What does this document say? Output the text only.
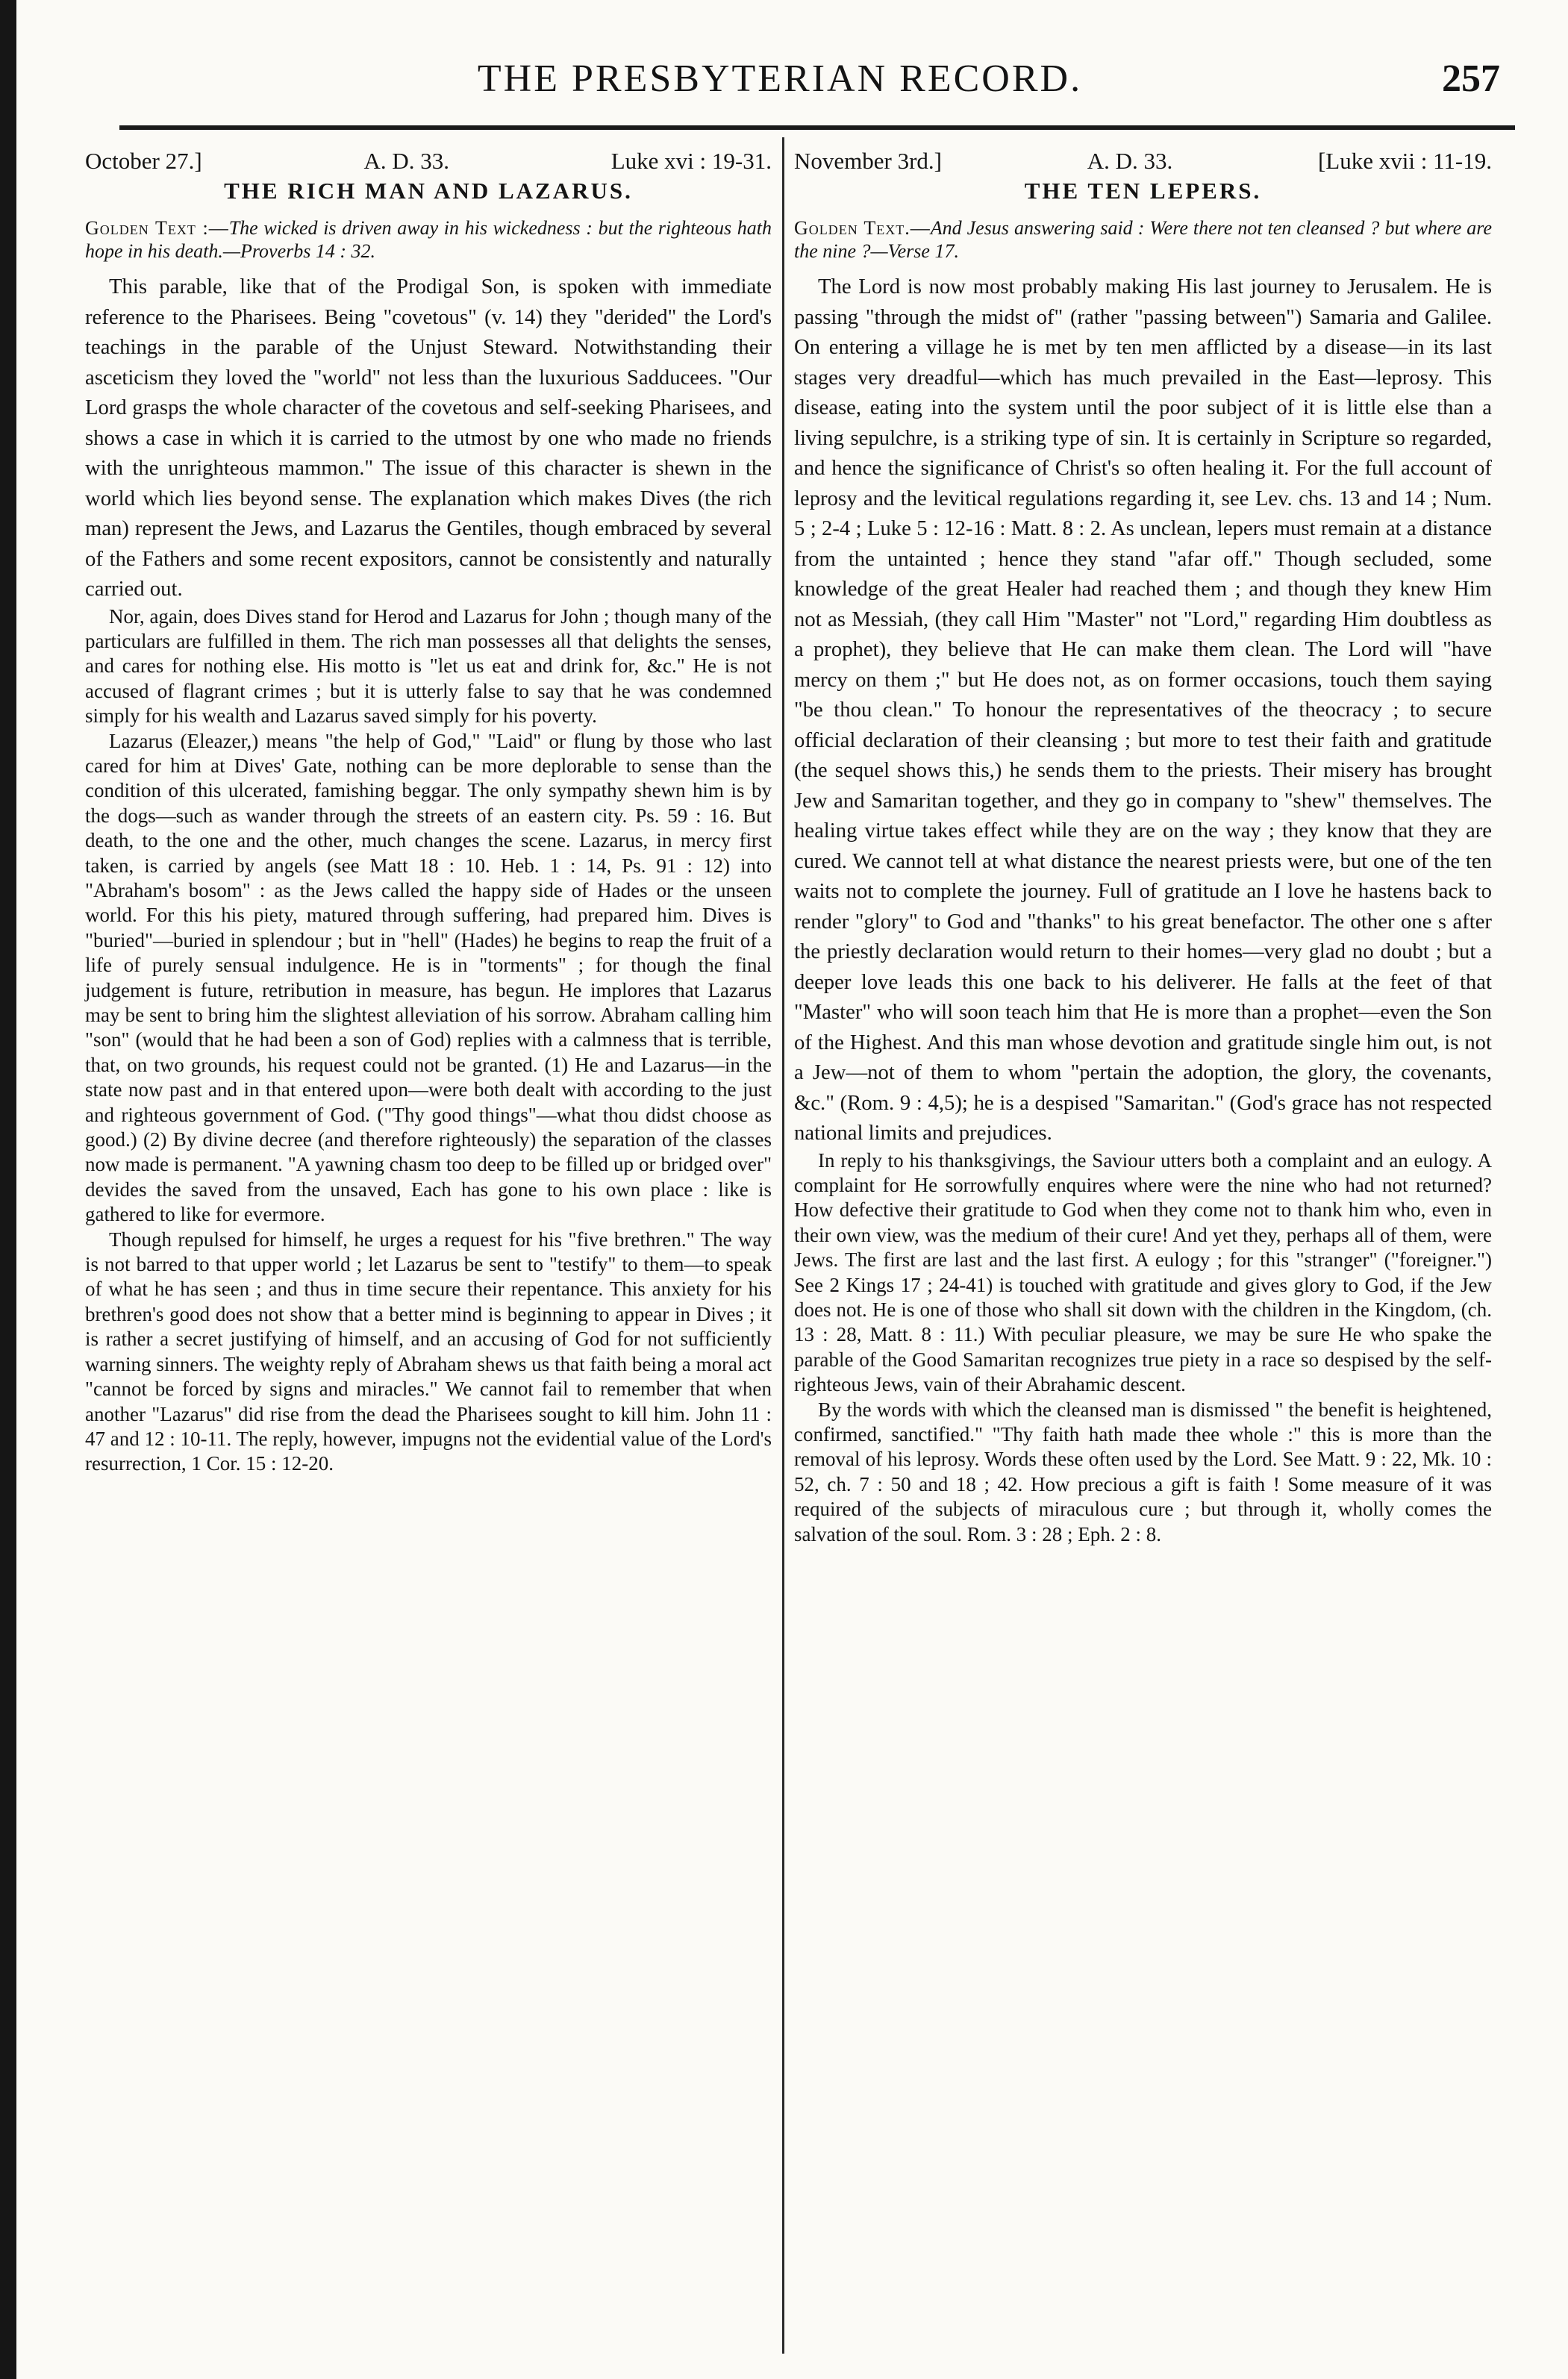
THE PRESBYTERIAN RECORD.	257
October 27.]	A. D. 33.	Luke xvi : 19-31.
THE RICH MAN AND LAZARUS.
Golden Text :—The wicked is driven away in his wickedness : but the righteous hath hope in his death.—Proverbs 14 : 32.

This parable, like that of the Prodigal Son, is spoken with immediate reference to the Pharisees. Being "covetous" (v. 14) they "derided" the Lord's teachings in the parable of the Unjust Steward. Notwithstanding their asceticism they loved the "world" not less than the luxurious Sadducees. "Our Lord grasps the whole character of the covetous and self-seeking Pharisees, and shows a case in which it is carried to the utmost by one who made no friends with the unrighteous mammon." The issue of this character is shewn in the world which lies beyond sense. The explanation which makes Dives (the rich man) represent the Jews, and Lazarus the Gentiles, though embraced by several of the Fathers and some recent expositors, cannot be consistently and naturally carried out.

Nor, again, does Dives stand for Herod and Lazarus for John ; though many of the particulars are fulfilled in them. The rich man possesses all that delights the senses, and cares for nothing else. His motto is "let us eat and drink for, &c." He is not accused of flagrant crimes ; but it is utterly false to say that he was condemned simply for his wealth and Lazarus saved simply for his poverty.

Lazarus (Eleazer,) means "the help of God," "Laid" or flung by those who last cared for him at Dives' Gate, nothing can be more deplorable to sense than the condition of this ulcerated, famishing beggar. The only sympathy shewn him is by the dogs—such as wander through the streets of an eastern city. Ps. 59 : 16. But death, to the one and the other, much changes the scene. Lazarus, in mercy first taken, is carried by angels (see Matt 18 : 10. Heb. 1 : 14, Ps. 91 : 12) into "Abraham's bosom" : as the Jews called the happy side of Hades or the unseen world. For this his piety, matured through suffering, had prepared him. Dives is "buried"—buried in splendour ; but in "hell" (Hades) he begins to reap the fruit of a life of purely sensual indulgence. He is in "torments" ; for though the final judgement is future, retribution in measure, has begun. He implores that Lazarus may be sent to bring him the slightest alleviation of his sorrow. Abraham calling him "son" (would that he had been a son of God) replies with a calmness that is terrible, that, on two grounds, his request could not be granted. (1) He and Lazarus—in the state now past and in that entered upon—were both dealt with according to the just and righteous government of God. ("Thy good things"—what thou didst choose as good.) (2) By divine decree (and therefore righteously) the separation of the classes now made is permanent. "A yawning chasm too deep to be filled up or bridged over" devides the saved from the unsaved, Each has gone to his own place : like is gathered to like for evermore.

Though repulsed for himself, he urges a request for his "five brethren." The way is not barred to that upper world ; let Lazarus be sent to "testify" to them—to speak of what he has seen ; and thus in time secure their repentance. This anxiety for his brethren's good does not show that a better mind is beginning to appear in Dives ; it is rather a secret justifying of himself, and an accusing of God for not sufficiently warning sinners. The weighty reply of Abraham shews us that faith being a moral act "cannot be forced by signs and miracles." We cannot fail to remember that when another "Lazarus" did rise from the dead the Pharisees sought to kill him. John 11 : 47 and 12 : 10-11. The reply, however, impugns not the evidential value of the Lord's resurrection, 1 Cor. 15 : 12-20.

November 3rd.]	A. D. 33.	[Luke xvii : 11-19.
THE TEN LEPERS.
Golden Text.—And Jesus answering said : Were there not ten cleansed ? but where are the nine ?—Verse 17.

The Lord is now most probably making His last journey to Jerusalem. He is passing "through the midst of" (rather "passing between") Samaria and Galilee. On entering a village he is met by ten men afflicted by a disease—in its last stages very dreadful—which has much prevailed in the East—leprosy. This disease, eating into the system until the poor subject of it is little else than a living sepulchre, is a striking type of sin. It is certainly in Scripture so regarded, and hence the significance of Christ's so often healing it. For the full account of leprosy and the levitical regulations regarding it, see Lev. chs. 13 and 14 ; Num. 5 ; 2-4 ; Luke 5 : 12-16 : Matt. 8 : 2. As unclean, lepers must remain at a distance from the untainted ; hence they stand "afar off." Though secluded, some knowledge of the great Healer had reached them ; and though they knew Him not as Messiah, (they call Him "Master" not "Lord," regarding Him doubtless as a prophet), they believe that He can make them clean. The Lord will "have mercy on them ;" but He does not, as on former occasions, touch them saying "be thou clean." To honour the representatives of the theocracy ; to secure official declaration of their cleansing ; but more to test their faith and gratitude (the sequel shows this,) he sends them to the priests. Their misery has brought Jew and Samaritan together, and they go in company to "shew" themselves. The healing virtue takes effect while they are on the way ; they know that they are cured. We cannot tell at what distance the nearest priests were, but one of the ten waits not to complete the journey. Full of gratitude an I love he hastens back to render "glory" to God and "thanks" to his great benefactor. The other one s after the priestly declaration would return to their homes—very glad no doubt ; but a deeper love leads this one back to his deliverer. He falls at the feet of that "Master" who will soon teach him that He is more than a prophet—even the Son of the Highest. And this man whose devotion and gratitude single him out, is not a Jew—not of them to whom "pertain the adoption, the glory, the covenants, &c." (Rom. 9 : 4,5); he is a despised "Samaritan." (God's grace has not respected national limits and prejudices.

In reply to his thanksgivings, the Saviour utters both a complaint and an eulogy. A complaint for He sorrowfully enquires where were the nine who had not returned? How defective their gratitude to God when they come not to thank him who, even in their own view, was the medium of their cure! And yet they, perhaps all of them, were Jews. The first are last and the last first. A eulogy ; for this "stranger" ("foreigner.") See 2 Kings 17 ; 24-41) is touched with gratitude and gives glory to God, if the Jew does not. He is one of those who shall sit down with the children in the Kingdom, (ch. 13 : 28, Matt. 8 : 11.) With peculiar pleasure, we may be sure He who spake the parable of the Good Samaritan recognizes true piety in a race so despised by the self-righteous Jews, vain of their Abrahamic descent.

By the words with which the cleansed man is dismissed " the benefit is heightened, confirmed, sanctified." "Thy faith hath made thee whole :" this is more than the removal of his leprosy. Words these often used by the Lord. See Matt. 9 : 22, Mk. 10 : 52, ch. 7 : 50 and 18 ; 42. How precious a gift is faith ! Some measure of it was required of the subjects of miraculous cure ; but through it, wholly comes the salvation of the soul. Rom. 3 : 28 ; Eph. 2 : 8.
